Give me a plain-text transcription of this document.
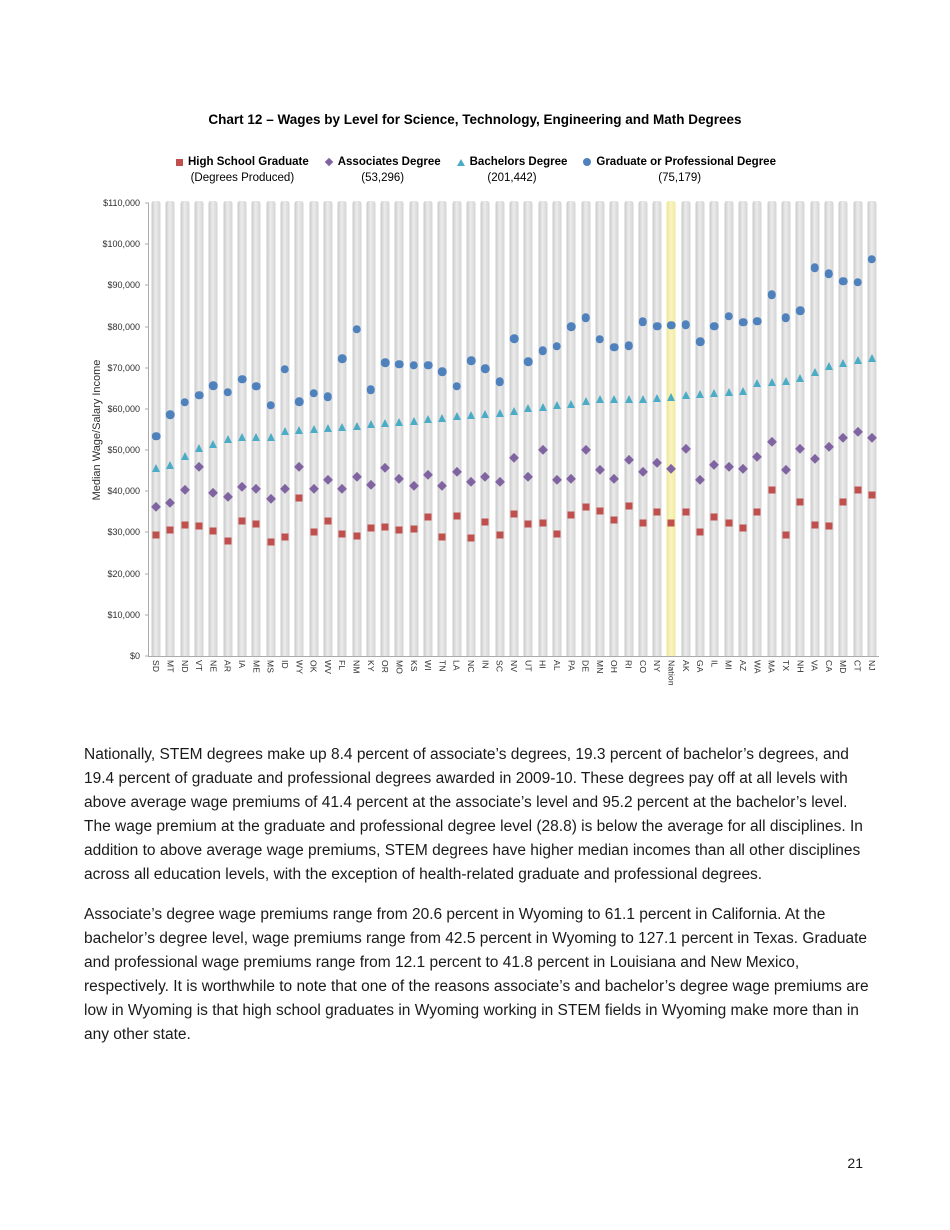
Chart 12 – Wages by Level for Science, Technology, Engineering and Math Degrees
High School Graduate
(Degrees Produced)
Associates Degree
(53,296)
Bachelors Degree
(201,442)
Graduate or Professional Degree
(75,179)
Median Wage/Salary Income
$0
$10,000
$20,000
$30,000
$40,000
$50,000
$60,000
$70,000
$80,000
$90,000
$100,000
$110,000
SD MT ND VT NE AR IA ME MS ID WY OK WV FL NM KY OR MO KS WI TN LA NC IN SC NV UT HI AL PA DE MN OH RI CO NY Nation AK GA IL MI AZ WA MA TX NH VA CA MD CT NJ

Nationally, STEM degrees make up 8.4 percent of associate’s degrees, 19.3 percent of bachelor’s degrees, and 19.4 percent of graduate and professional degrees awarded in 2009-10. These degrees pay off at all levels with above average wage premiums of 41.4 percent at the associate’s level and 95.2 percent at the bachelor’s level. The wage premium at the graduate and professional degree level (28.8) is below the average for all disciplines. In addition to above average wage premiums, STEM degrees have higher median incomes than all other disciplines across all education levels, with the exception of health-related graduate and professional degrees.

Associate’s degree wage premiums range from 20.6 percent in Wyoming to 61.1 percent in California. At the bachelor’s degree level, wage premiums range from 42.5 percent in Wyoming to 127.1 percent in Texas. Graduate and professional wage premiums range from 12.1 percent to 41.8 percent in Louisiana and New Mexico, respectively. It is worthwhile to note that one of the reasons associate’s and bachelor’s degree wage premiums are low in Wyoming is that high school graduates in Wyoming working in STEM fields in Wyoming make more than in any other state.

21
